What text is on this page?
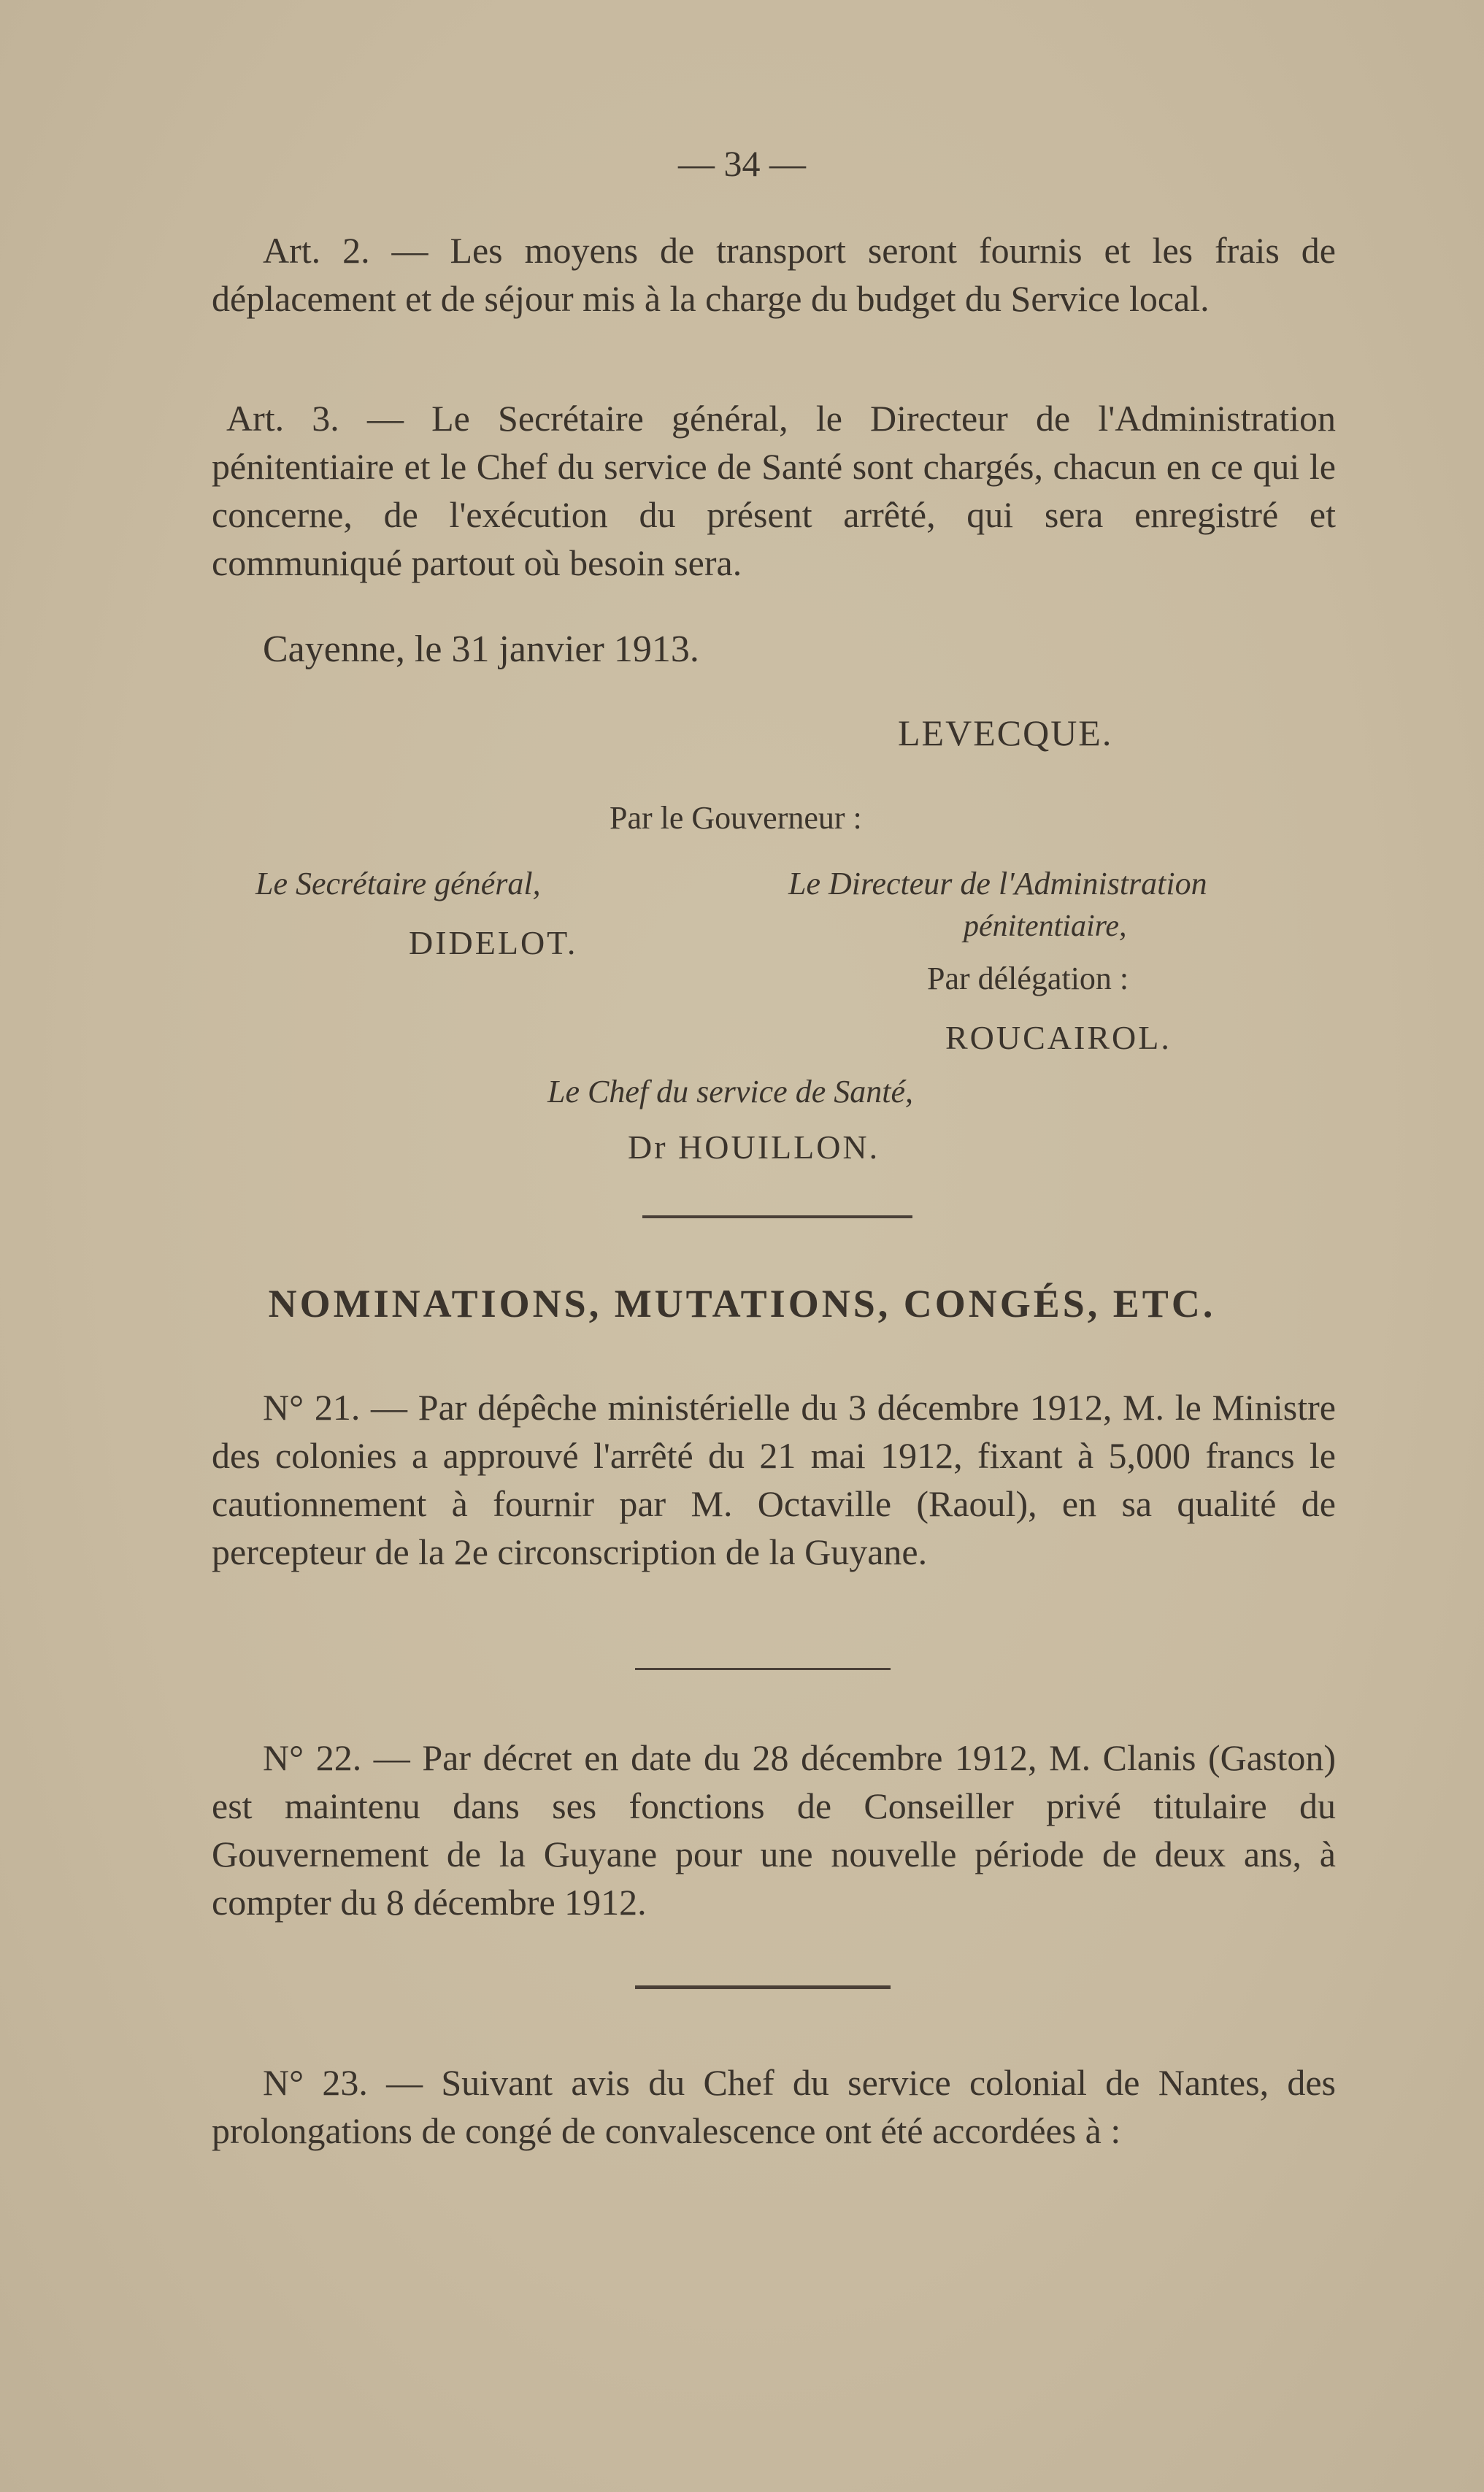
— 34 —

Art. 2. — Les moyens de transport seront fournis et les frais de déplacement et de séjour mis à la charge du budget du Service local.

Art. 3. — Le Secrétaire général, le Directeur de l'Administration pénitentiaire et le Chef du service de Santé sont chargés, chacun en ce qui le concerne, de l'exécution du présent arrêté, qui sera enregistré et communiqué partout où besoin sera.

Cayenne, le 31 janvier 1913.
LEVECQUE.
Par le Gouverneur :
Le Secrétaire général,
DIDELOT.
Le Directeur de l'Administration
pénitentiaire,
Par délégation :
ROUCAIROL.
Le Chef du service de Santé,
Dr HOUILLON.
NOMINATIONS, MUTATIONS, CONGÉS, ETC.

N° 21. — Par dépêche ministérielle du 3 décembre 1912, M. le Ministre des colonies a approuvé l'arrêté du 21 mai 1912, fixant à 5,000 francs le cautionnement à fournir par M. Octaville (Raoul), en sa qualité de percepteur de la 2e circonscription de la Guyane.

N° 22. — Par décret en date du 28 décembre 1912, M. Clanis (Gaston) est maintenu dans ses fonctions de Conseiller privé titulaire du Gouvernement de la Guyane pour une nouvelle période de deux ans, à compter du 8 décembre 1912.

N° 23. — Suivant avis du Chef du service colonial de Nantes, des prolongations de congé de convalescence ont été accordées à :
